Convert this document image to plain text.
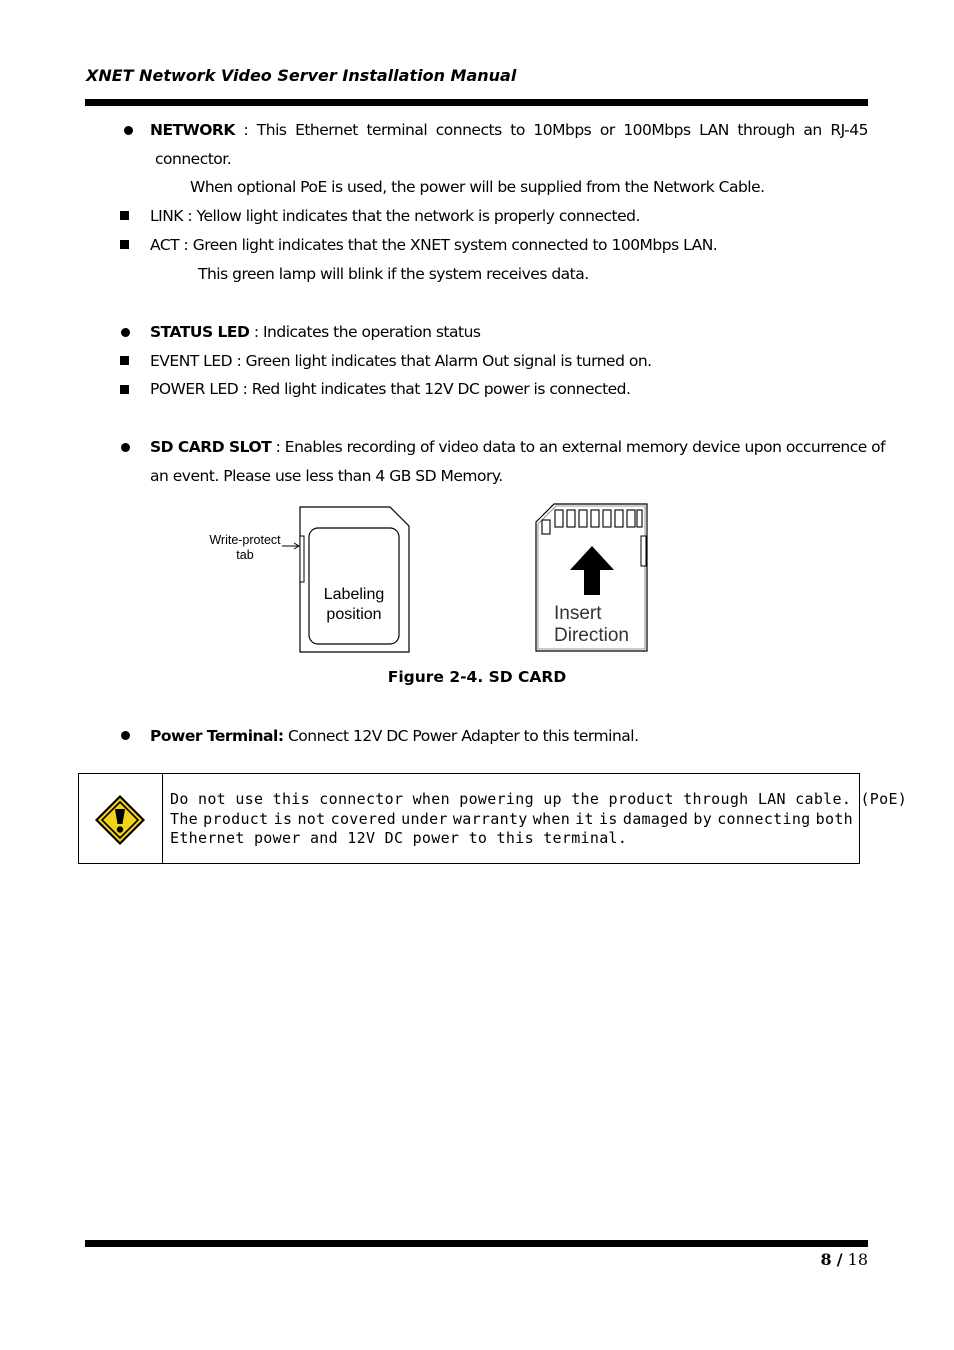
XNET Network Video Server Installation Manual
NETWORK : This Ethernet terminal connects to 10Mbps or 100Mbps LAN through an RJ-45
connector.
When optional PoE is used, the power will be supplied from the Network Cable.
LINK : Yellow light indicates that the network is properly connected.
ACT : Green light indicates that the XNET system connected to 100Mbps LAN.
This green lamp will blink if the system receives data.
STATUS LED : Indicates the operation status
EVENT LED : Green light indicates that Alarm Out signal is turned on.
POWER LED : Red light indicates that 12V DC power is connected.
SD CARD SLOT : Enables recording of video data to an external memory device upon occurrence of
an event. Please use less than 4 GB SD Memory.
Write-protect
tab
Labeling
position	Insert
Direction
Figure 2-4. SD CARD
Power Terminal: Connect 12V DC Power Adapter to this terminal.
Do not use this connector when powering up the product through LAN cable. (PoE)
The product is not covered under warranty when it is damaged by connecting both
Ethernet power and 12V DC power to this terminal.
8 / 18
